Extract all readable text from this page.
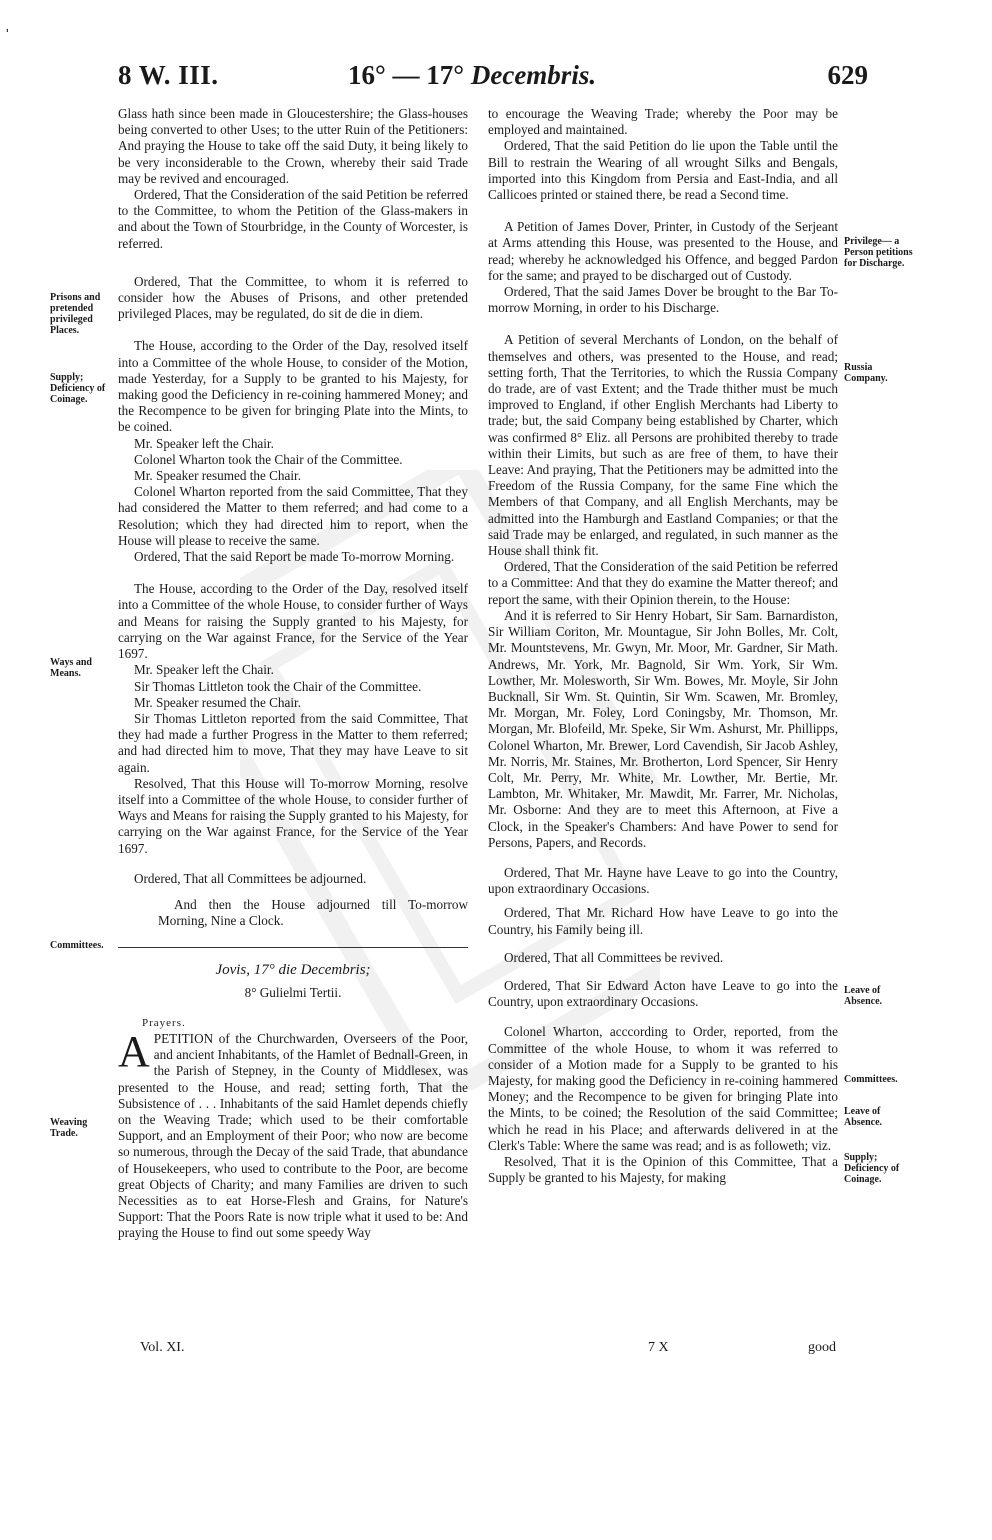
ˈ
8 W. III.	16° — 17° Decembris.	629
Prisons and pretended privileged Places.
Supply; Deficiency of Coinage.
Ways and Means.
Committees.
Weaving Trade.
Privilege— a Person petitions for Discharge.
Russia Company.
Leave of Absence.
Committees.
Leave of Absence.
Supply; Deficiency of Coinage.

Glass hath since been made in Gloucestershire; the Glass-houses being converted to other Uses; to the utter Ruin of the Petitioners: And praying the House to take off the said Duty, it being likely to be very inconsiderable to the Crown, whereby their said Trade may be revived and encouraged.

Ordered, That the Consideration of the said Petition be referred to the Committee, to whom the Petition of the Glass-makers in and about the Town of Stourbridge, in the County of Worcester, is referred.

Ordered, That the Committee, to whom it is referred to consider how the Abuses of Prisons, and other pretended privileged Places, may be regulated, do sit de die in diem.

The House, according to the Order of the Day, resolved itself into a Committee of the whole House, to consider of the Motion, made Yesterday, for a Supply to be granted to his Majesty, for making good the Deficiency in re-coining hammered Money; and the Recompence to be given for bringing Plate into the Mints, to be coined.

Mr. Speaker left the Chair.

Colonel Wharton took the Chair of the Committee.

Mr. Speaker resumed the Chair.

Colonel Wharton reported from the said Committee, That they had considered the Matter to them referred; and had come to a Resolution; which they had directed him to report, when the House will please to receive the same.

Ordered, That the said Report be made To-morrow Morning.

The House, according to the Order of the Day, resolved itself into a Committee of the whole House, to consider further of Ways and Means for raising the Supply granted to his Majesty, for carrying on the War against France, for the Service of the Year 1697.

Mr. Speaker left the Chair.

Sir Thomas Littleton took the Chair of the Committee.

Mr. Speaker resumed the Chair.

Sir Thomas Littleton reported from the said Committee, That they had made a further Progress in the Matter to them referred; and had directed him to move, That they may have Leave to sit again.

Resolved, That this House will To-morrow Morning, resolve itself into a Committee of the whole House, to consider further of Ways and Means for raising the Supply granted to his Majesty, for carrying on the War against France, for the Service of the Year 1697.

Ordered, That all Committees be adjourned.

And then the House adjourned till To-morrow Morning, Nine a Clock.

Jovis, 17° die Decembris;

8° Gulielmi Tertii.

Prayers.

APETITION of the Churchwarden, Overseers of the Poor, and ancient Inhabitants, of the Hamlet of Bednall-Green, in the Parish of Stepney, in the County of Middlesex, was presented to the House, and read; setting forth, That the Subsistence of . . . Inhabitants of the said Hamlet depends chiefly on the Weaving Trade; which used to be their comfortable Support, and an Employment of their Poor; who now are become so numerous, through the Decay of the said Trade, that abundance of Housekeepers, who used to contribute to the Poor, are become great Objects of Charity; and many Families are driven to such Necessities as to eat Horse-Flesh and Grains, for Nature's Support: That the Poors Rate is now triple what it used to be: And praying the House to find out some speedy Way

to encourage the Weaving Trade; whereby the Poor may be employed and maintained.

Ordered, That the said Petition do lie upon the Table until the Bill to restrain the Wearing of all wrought Silks and Bengals, imported into this Kingdom from Persia and East-India, and all Callicoes printed or stained there, be read a Second time.

A Petition of James Dover, Printer, in Custody of the Serjeant at Arms attending this House, was presented to the House, and read; whereby he acknowledged his Offence, and begged Pardon for the same; and prayed to be discharged out of Custody.

Ordered, That the said James Dover be brought to the Bar To-morrow Morning, in order to his Discharge.

A Petition of several Merchants of London, on the behalf of themselves and others, was presented to the House, and read; setting forth, That the Territories, to which the Russia Company do trade, are of vast Extent; and the Trade thither must be much improved to England, if other English Merchants had Liberty to trade; but, the said Company being established by Charter, which was confirmed 8° Eliz. all Persons are prohibited thereby to trade within their Limits, but such as are free of them, to have their Leave: And praying, That the Petitioners may be admitted into the Freedom of the Russia Company, for the same Fine which the Members of that Company, and all English Merchants, may be admitted into the Hamburgh and Eastland Companies; or that the said Trade may be enlarged, and regulated, in such manner as the House shall think fit.

Ordered, That the Consideration of the said Petition be referred to a Committee: And that they do examine the Matter thereof; and report the same, with their Opinion therein, to the House:

And it is referred to Sir Henry Hobart, Sir Sam. Barnardiston, Sir William Coriton, Mr. Mountague, Sir John Bolles, Mr. Colt, Mr. Mountstevens, Mr. Gwyn, Mr. Moor, Mr. Gardner, Sir Math. Andrews, Mr. York, Mr. Bagnold, Sir Wm. York, Sir Wm. Lowther, Mr. Molesworth, Sir Wm. Bowes, Mr. Moyle, Sir John Bucknall, Sir Wm. St. Quintin, Sir Wm. Scawen, Mr. Bromley, Mr. Morgan, Mr. Foley, Lord Coningsby, Mr. Thomson, Mr. Morgan, Mr. Blofeild, Mr. Speke, Sir Wm. Ashurst, Mr. Phillipps, Colonel Wharton, Mr. Brewer, Lord Cavendish, Sir Jacob Ashley, Mr. Norris, Mr. Staines, Mr. Brotherton, Lord Spencer, Sir Henry Colt, Mr. Perry, Mr. White, Mr. Lowther, Mr. Bertie, Mr. Lambton, Mr. Whitaker, Mr. Mawdit, Mr. Farrer, Mr. Nicholas, Mr. Osborne: And they are to meet this Afternoon, at Five a Clock, in the Speaker's Chambers: And have Power to send for Persons, Papers, and Records.

Ordered, That Mr. Hayne have Leave to go into the Country, upon extraordinary Occasions.

Ordered, That Mr. Richard How have Leave to go into the Country, his Family being ill.

Ordered, That all Committees be revived.

Ordered, That Sir Edward Acton have Leave to go into the Country, upon extraordinary Occasions.

Colonel Wharton, acccording to Order, reported, from the Committee of the whole House, to whom it was referred to consider of a Motion made for a Supply to be granted to his Majesty, for making good the Deficiency in re-coining hammered Money; and the Recompence to be given for bringing Plate into the Mints, to be coined; the Resolution of the said Committee; which he read in his Place; and afterwards delivered in at the Clerk's Table: Where the same was read; and is as followeth; viz.

Resolved, That it is the Opinion of this Committee, That a Supply be granted to his Majesty, for making

Vol. XI.	7 X	good
